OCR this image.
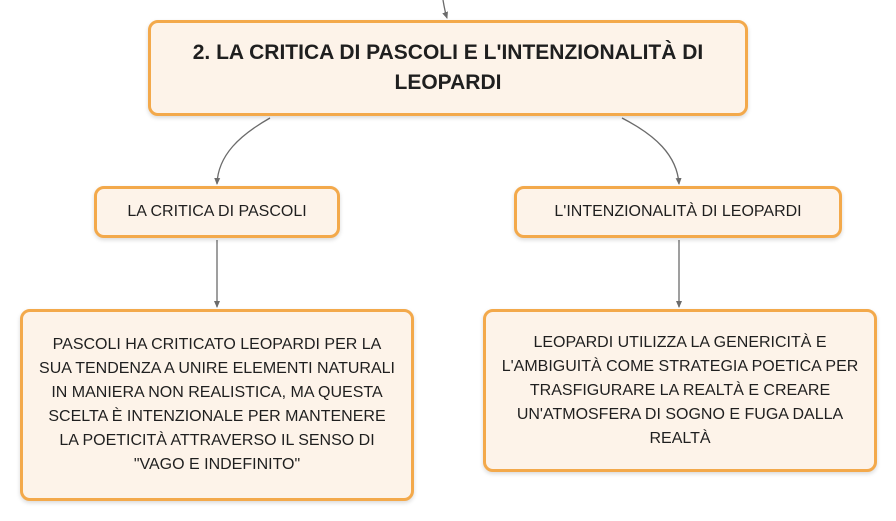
2. LA CRITICA DI PASCOLI E L'INTENZIONALITÀ DI LEOPARDI
LA CRITICA DI PASCOLI	L'INTENZIONALITÀ DI LEOPARDI
PASCOLI HA CRITICATO LEOPARDI PER LA SUA TENDENZA A UNIRE ELEMENTI NATURALI IN MANIERA NON REALISTICA, MA QUESTA SCELTA È INTENZIONALE PER MANTENERE LA POETICITÀ ATTRAVERSO IL SENSO DI "VAGO E INDEFINITO"
LEOPARDI UTILIZZA LA GENERICITÀ E L'AMBIGUITÀ COME STRATEGIA POETICA PER TRASFIGURARE LA REALTÀ E CREARE UN'ATMOSFERA DI SOGNO E FUGA DALLA REALTÀ
